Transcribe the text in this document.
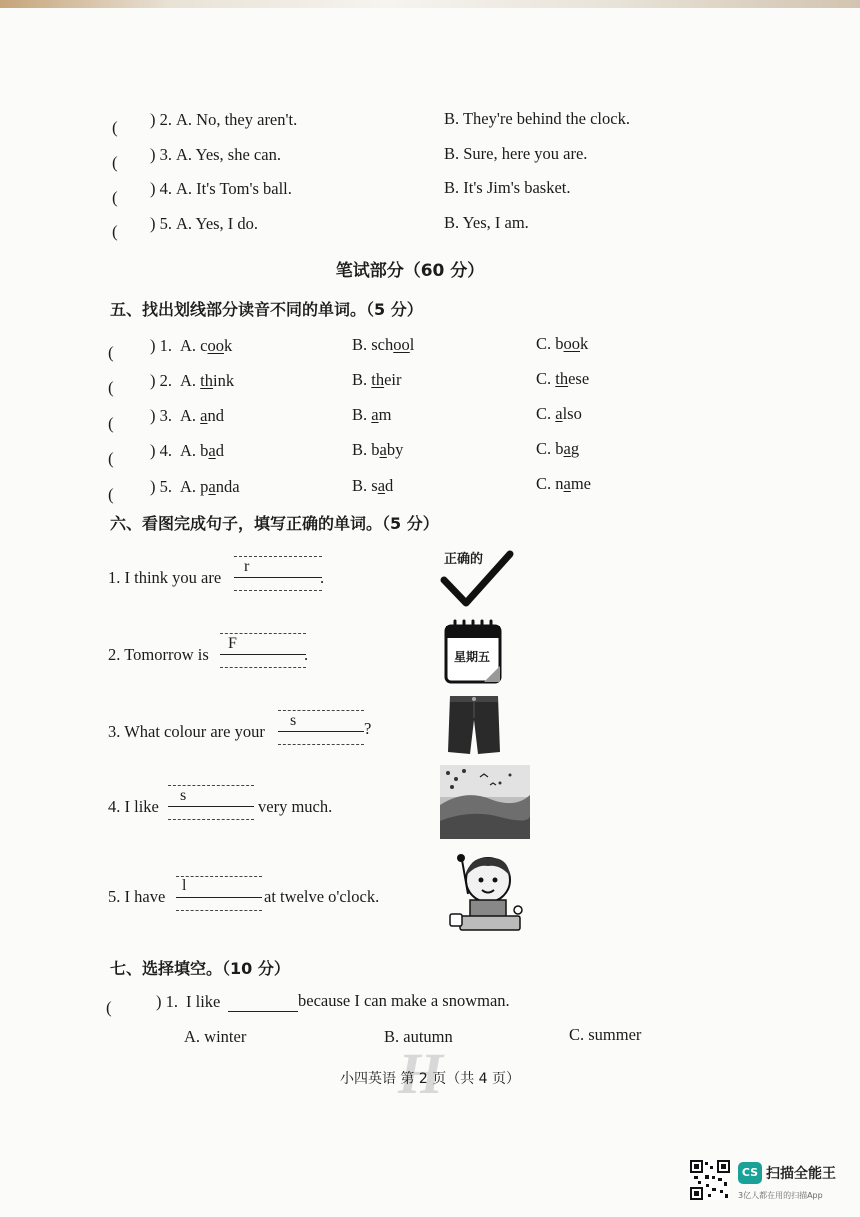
( ) 2. A. No, they aren't.	B. They're behind the clock.
( ) 3. A. Yes, she can.	B. Sure, here you are.
( ) 4. A. It's Tom's ball.	B. It's Jim's basket.
( ) 5. A. Yes, I do.	B. Yes, I am.
笔试部分（60 分）
五、找出划线部分读音不同的单词。（5 分）
( ) 1. A. cook	B. school	C. book
( ) 2. A. think	B. their	C. these
( ) 3. A. and	B. am	C. also
( ) 4. A. bad	B. baby	C. bag
( ) 5. A. panda	B. sad	C. name
六、看图完成句子，填写正确的单词。（5 分）
1. I think you are
r
.
2. Tomorrow is
F
.
3. What colour are your
s	?
4. I like
s
very much.
5. I have
l
at twelve o'clock.
正确的
星期五
七、选择填空。（10 分）
(	) 1. I like	because I can make a snowman.
A. winter	B. autumn	C. summer
H
小四英语 第 2 页（共 4 页）
CS 扫描全能王
3亿人都在用的扫描App
